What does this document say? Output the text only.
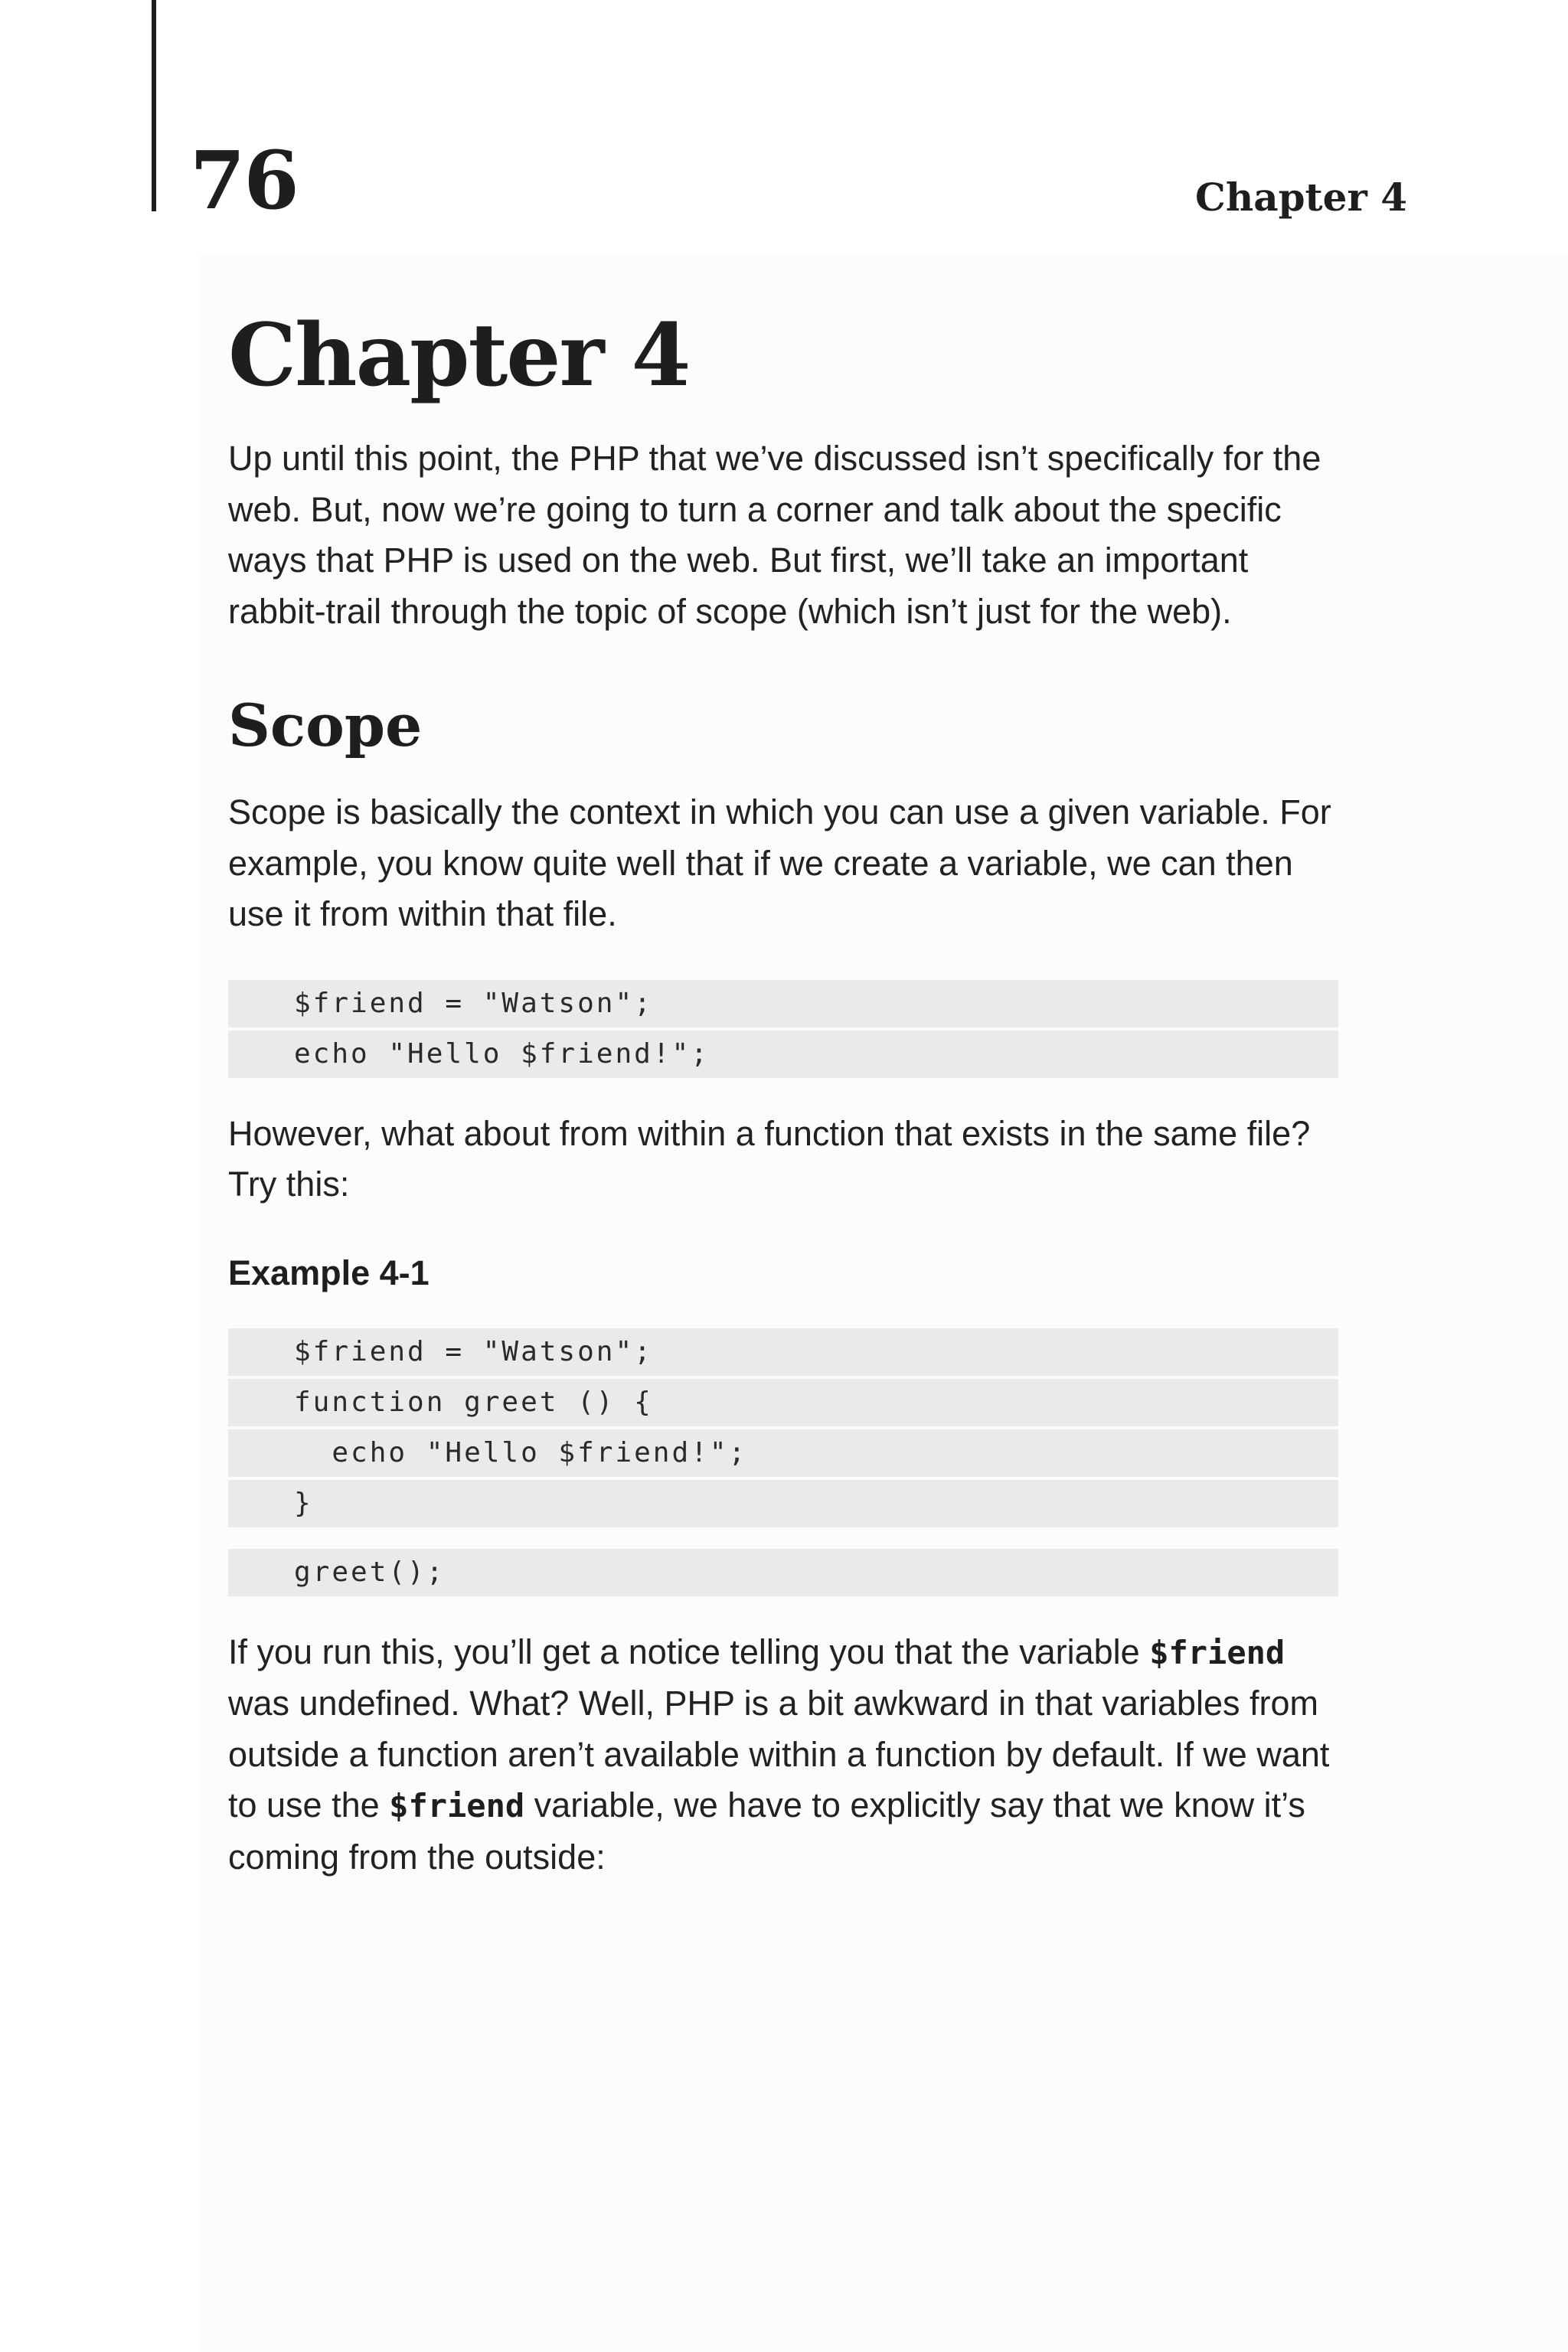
76	Chapter 4
Chapter 4

Up until this point, the PHP that we’ve discussed isn’t specifically for the web. But, now we’re going to turn a corner and talk about the specific ways that PHP is used on the web. But first, we’ll take an important rabbit-trail through the topic of scope (which isn’t just for the web).

Scope

Scope is basically the context in which you can use a given variable. For example, you know quite well that if we create a variable, we can then use it from within that file.

$friend = "Watson";
echo "Hello $friend!";

However, what about from within a function that exists in the same file? Try this:

Example 4-1
$friend = "Watson";
function greet () {
echo "Hello $friend!";
}
greet();

If you run this, you’ll get a notice telling you that the variable $friend was undefined. What? Well, PHP is a bit awkward in that variables from outside a function aren’t available within a function by default. If we want to use the $friend variable, we have to explicitly say that we know it’s coming from the outside:
